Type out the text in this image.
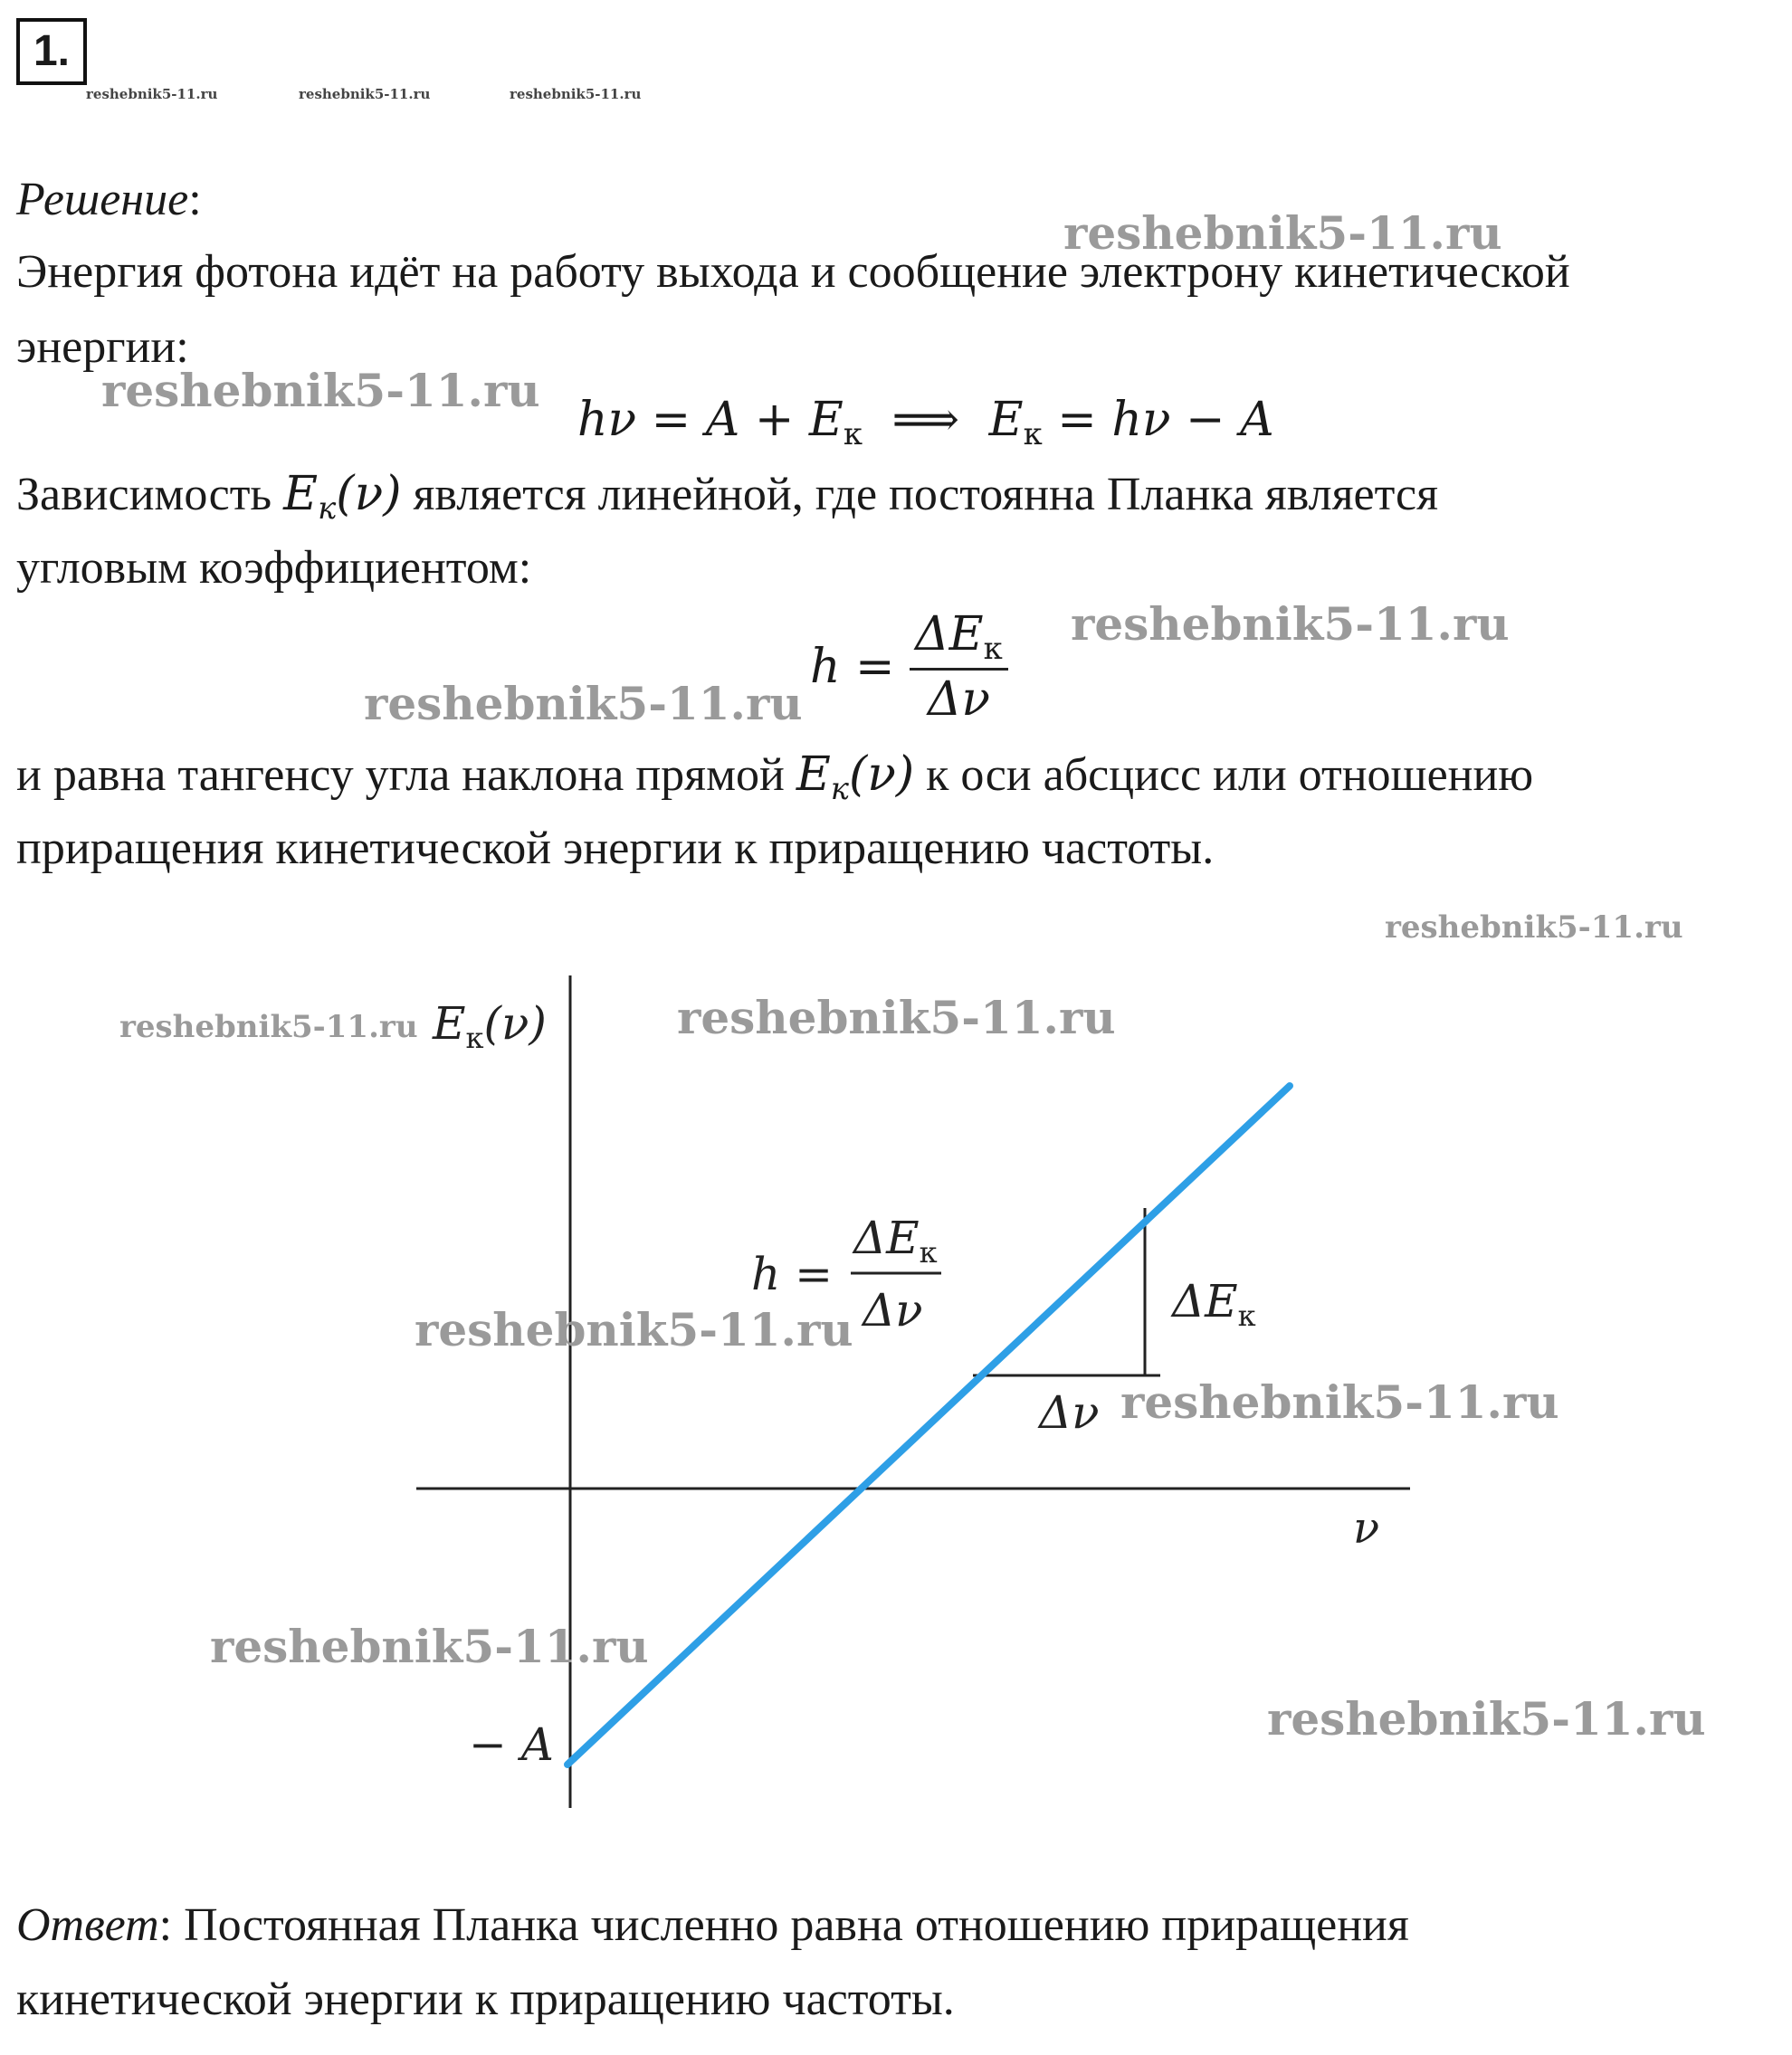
1.
reshebnik5-11.ru	reshebnik5-11.ru	reshebnik5-11.ru
Решение:
reshebnik5-11.ru
Энергия фотона идёт на работу выхода и сообщение электрону кинетической
энергии:
reshebnik5-11.ru
$h\nu = A + E_к$ ⟹ $E_к = h\nu - A$
Зависимость $E_к(\nu)$ является линейной, где постоянна Планка является
угловым коэффициентом:
reshebnik5-11.ru
reshebnik5-11.ru
$h = \frac{\Delta E_к}{\Delta\nu}$
и равна тангенсу угла наклона прямой $E_к(\nu)$ к оси абсцисс или отношению
приращения кинетической энергии к приращению частоты.
reshebnik5-11.ru
$E_к(\nu)$
ν
− A
$\Delta E_к$
Δν
h =
$\Delta E_к$
Δν
reshebnik5-11.ru	reshebnik5-11.ru
reshebnik5-11.ru
reshebnik5-11.ru
reshebnik5-11.ru
reshebnik5-11.ru
Ответ: Постоянная Планка численно равна отношению приращения
кинетической энергии к приращению частоты.
